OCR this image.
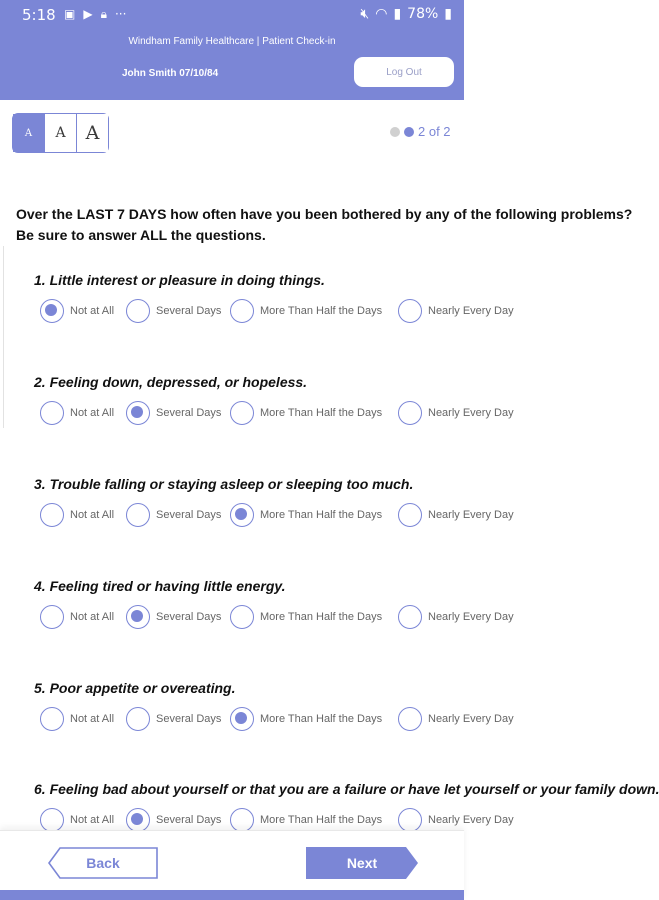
5:18 ▣ ▶ 🔒︎ ···	🔇︎ ◠ ▮ 78% ▮
Windham Family Healthcare | Patient Check-in
John Smith 07/10/84	Log Out
A	A	A	2 of 2
Over the LAST 7 DAYS how often have you been bothered by any of the following problems?
Be sure to answer ALL the questions.
1. Little interest or pleasure in doing things.
Not at All	Several Days	More Than Half the Days	Nearly Every Day
2. Feeling down, depressed, or hopeless.
Not at All	Several Days	More Than Half the Days	Nearly Every Day
3. Trouble falling or staying asleep or sleeping too much.
Not at All	Several Days	More Than Half the Days	Nearly Every Day
4. Feeling tired or having little energy.
Not at All	Several Days	More Than Half the Days	Nearly Every Day
5. Poor appetite or overeating.
Not at All	Several Days	More Than Half the Days	Nearly Every Day
6. Feeling bad about yourself or that you are a failure or have let yourself or your family down.
Not at All	Several Days	More Than Half the Days	Nearly Every Day
Back	Next
